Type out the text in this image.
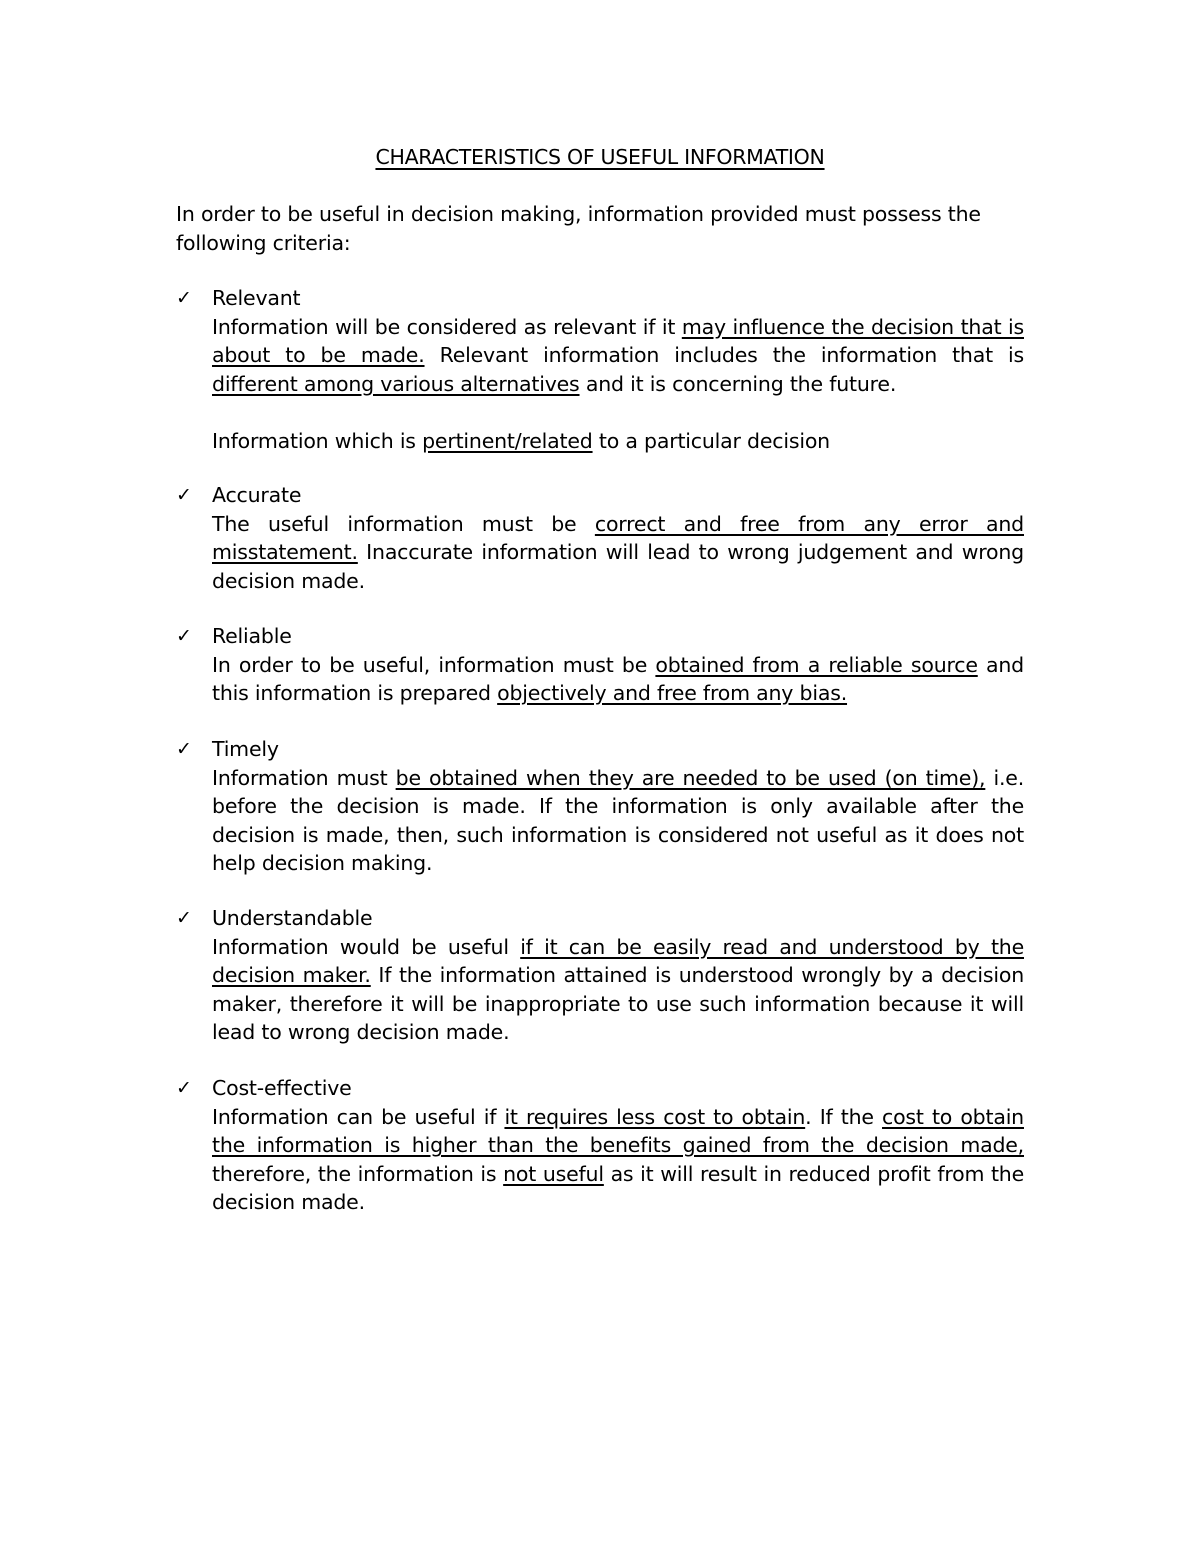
CHARACTERISTICS OF USEFUL INFORMATION
In order to be useful in decision making, information provided must possess the following criteria:
✓ Relevant
Information will be considered as relevant if it may influence the decision that is about to be made. Relevant information includes the information that is different among various alternatives and it is concerning the future.
Information which is pertinent/related to a particular decision
✓ Accurate
The useful information must be correct and free from any error and misstatement. Inaccurate information will lead to wrong judgement and wrong decision made.
✓ Reliable
In order to be useful, information must be obtained from a reliable source and this information is prepared objectively and free from any bias.
✓ Timely
Information must be obtained when they are needed to be used (on time), i.e. before the decision is made. If the information is only available after the decision is made, then, such information is considered not useful as it does not help decision making.
✓ Understandable
Information would be useful if it can be easily read and understood by the decision maker. If the information attained is understood wrongly by a decision maker, therefore it will be inappropriate to use such information because it will lead to wrong decision made.
✓ Cost-effective
Information can be useful if it requires less cost to obtain. If the cost to obtain the information is higher than the benefits gained from the decision made, therefore, the information is not useful as it will result in reduced profit from the decision made.
